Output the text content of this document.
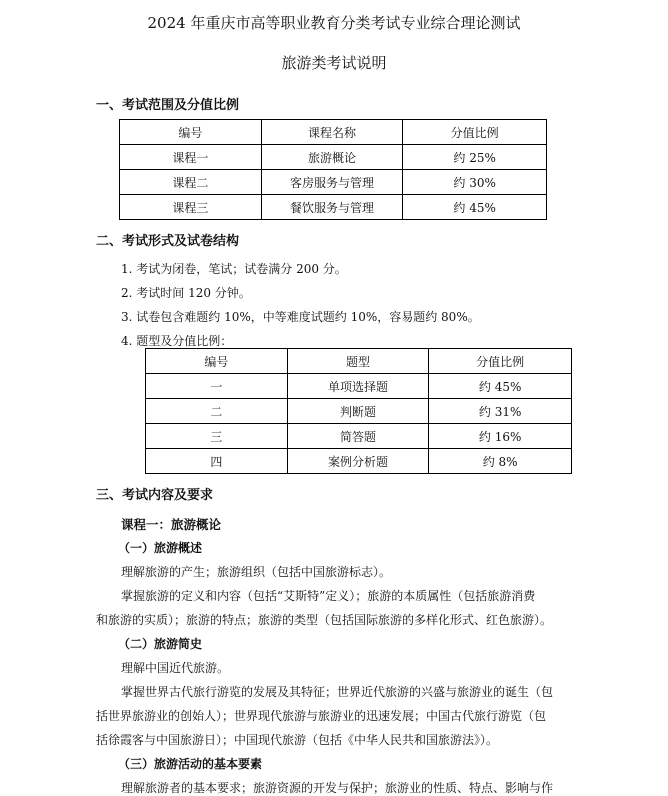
2024 年重庆市高等职业教育分类考试专业综合理论测试
旅游类考试说明
一、考试范围及分值比例
编号	课程名称	分值比例
课程一	旅游概论	约 25%
课程二	客房服务与管理	约 30%
课程三	餐饮服务与管理	约 45%
二、考试形式及试卷结构
1. 考试为闭卷，笔试；试卷满分 200 分。
2. 考试时间 120 分钟。
3. 试卷包含难题约 10%，中等难度试题约 10%，容易题约 80%。
4. 题型及分值比例：
编号	题型	分值比例
一	单项选择题	约 45%
二	判断题	约 31%
三	简答题	约 16%
四	案例分析题	约 8%
三、考试内容及要求
课程一：旅游概论
（一）旅游概述
理解旅游的产生；旅游组织（包括中国旅游标志）。
掌握旅游的定义和内容（包括“艾斯特”定义）；旅游的本质属性（包括旅游消费
和旅游的实质）；旅游的特点；旅游的类型（包括国际旅游的多样化形式、红色旅游）。
（二）旅游简史
理解中国近代旅游。
掌握世界古代旅行游览的发展及其特征；世界近代旅游的兴盛与旅游业的诞生（包
括世界旅游业的创始人）；世界现代旅游与旅游业的迅速发展；中国古代旅行游览（包
括徐霞客与中国旅游日）；中国现代旅游（包括《中华人民共和国旅游法》）。
（三）旅游活动的基本要素
理解旅游者的基本要求；旅游资源的开发与保护；旅游业的性质、特点、影响与作
